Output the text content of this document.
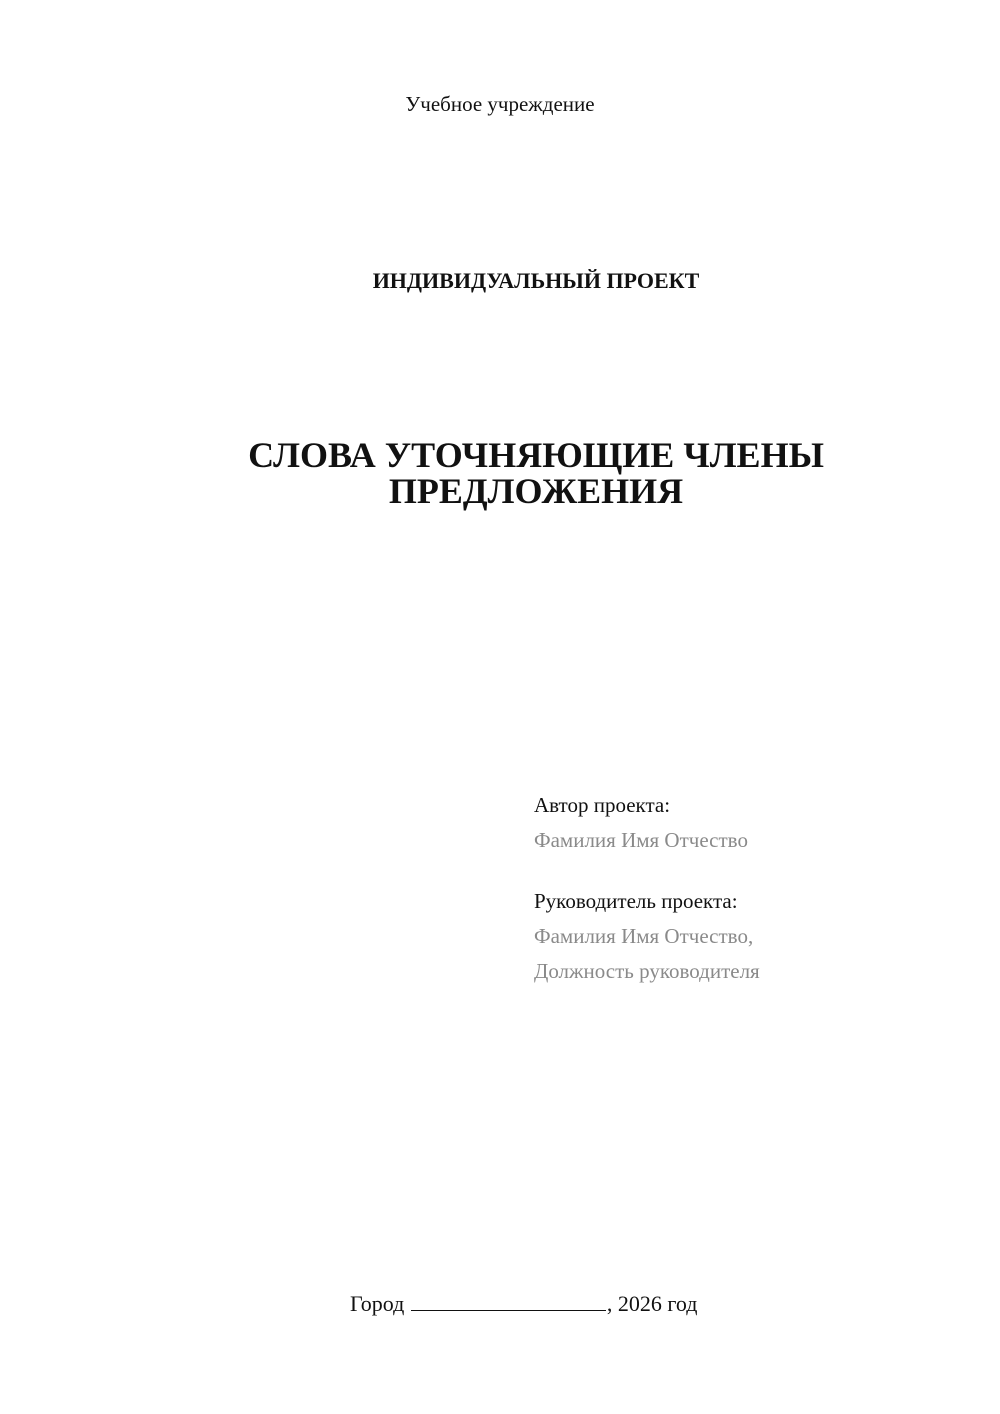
Учебное учреждение
ИНДИВИДУАЛЬНЫЙ ПРОЕКТ
СЛОВА УТОЧНЯЮЩИЕ ЧЛЕНЫ
ПРЕДЛОЖЕНИЯ
Автор проекта:
Фамилия Имя Отчество
Руководитель проекта:
Фамилия Имя Отчество,
Должность руководителя
Город	, 2026 год
